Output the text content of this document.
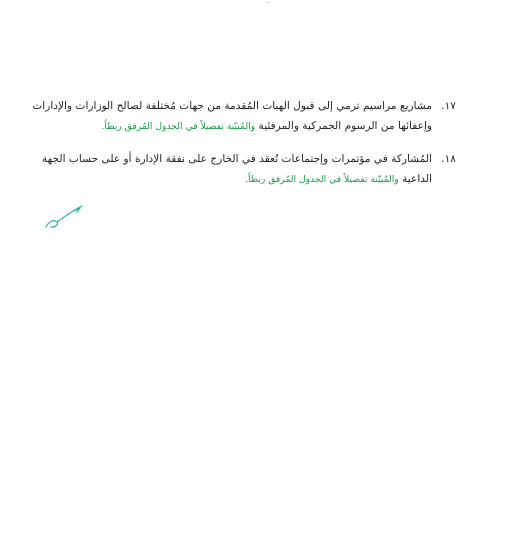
١٧.
مشاريع مراسيم ترمي إلى قبول الهبات المُقدمة من جهات مُختلفة لصالح الوزارات والإدارات
وإعفائها من الرسوم الجمركية والمرفئية والمُبيّنة تفصيلاً في الجدول المُرفق ربطاً.
١٨.
المُشاركة في مؤتمرات وإجتماعات تُعقد في الخارج على نفقة الإدارة أو على حساب الجهة
الداعية والمُبيّنة تفصيلاً في الجدول المُرفق ربطاً.
